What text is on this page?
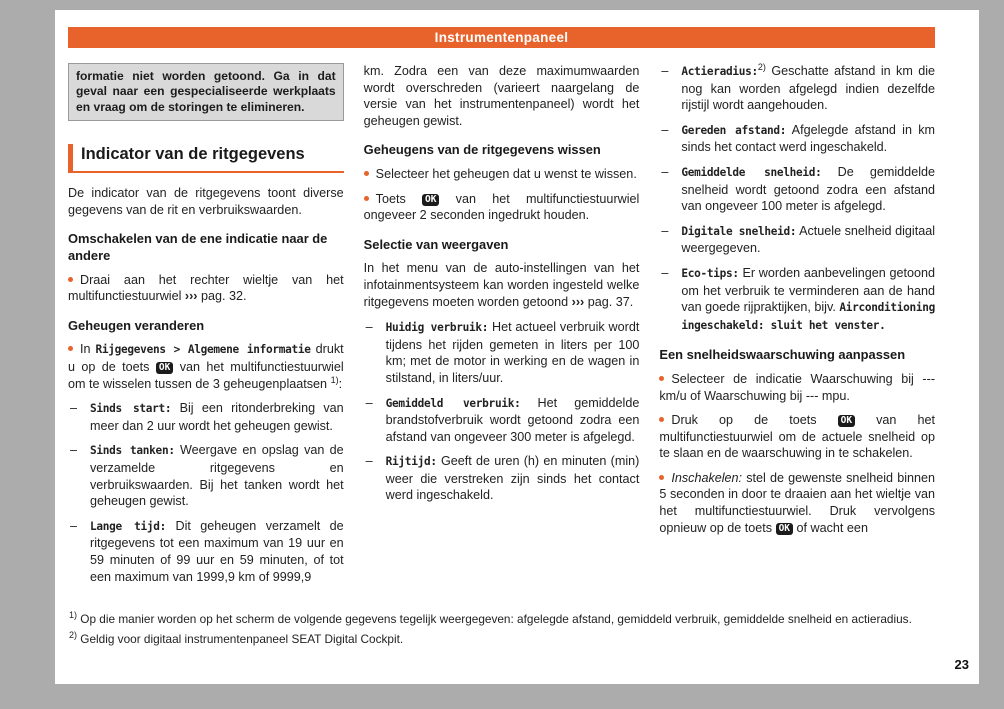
Instrumentenpaneel
formatie niet worden getoond. Ga in dat geval naar een gespecialiseerde werkplaats en vraag om de storingen te elimineren.
Indicator van de ritgegevens

De indicator van de ritgegevens toont diverse gegevens van de rit en verbruikswaarden.

Omschakelen van de ene indicatie naar de andere
Draai aan het rechter wieltje van het multifunctiestuurwiel ››› pag. 32.
Geheugen veranderen
In Rijgegevens > Algemene informatie drukt u op de toets OK van het multifunctiestuurwiel om te wisselen tussen de 3 geheugenplaatsen $^{1)}$:
– Sinds start: Bij een ritonderbreking van meer dan 2 uur wordt het geheugen gewist.
– Sinds tanken: Weergave en opslag van de verzamelde ritgegevens en verbruikswaarden. Bij het tanken wordt het geheugen gewist.
– Lange tijd: Dit geheugen verzamelt de ritgegevens tot een maximum van 19 uur en 59 minuten of 99 uur en 59 minuten, of tot een maximum van 1999,9 km of 9999,9

km. Zodra een van deze maximumwaarden wordt overschreden (varieert naargelang de versie van het instrumentenpaneel) wordt het geheugen gewist.

Geheugens van de ritgegevens wissen
Selecteer het geheugen dat u wenst te wissen.
Toets OK van het multifunctiestuurwiel ongeveer 2 seconden ingedrukt houden.
Selectie van weergaven

In het menu van de auto-instellingen van het infotainmentsysteem kan worden ingesteld welke ritgegevens moeten worden getoond ››› pag. 37.

– Huidig verbruik: Het actueel verbruik wordt tijdens het rijden gemeten in liters per 100 km; met de motor in werking en de wagen in stilstand, in liters/uur.
– Gemiddeld verbruik: Het gemiddelde brandstofverbruik wordt getoond zodra een afstand van ongeveer 300 meter is afgelegd.
– Rijtijd: Geeft de uren (h) en minuten (min) weer die verstreken zijn sinds het contact werd ingeschakeld.
– Actieradius:$^{2)}$ Geschatte afstand in km die nog kan worden afgelegd indien dezelfde rijstijl wordt aangehouden.
– Gereden afstand: Afgelegde afstand in km sinds het contact werd ingeschakeld.
– Gemiddelde snelheid: De gemiddelde snelheid wordt getoond zodra een afstand van ongeveer 100 meter is afgelegd.
– Digitale snelheid: Actuele snelheid digitaal weergegeven.
– Eco-tips: Er worden aanbevelingen getoond om het verbruik te verminderen aan de hand van goede rijpraktijken, bijv. Airconditioning ingeschakeld: sluit het venster.
Een snelheidswaarschuwing aanpassen
Selecteer de indicatie Waarschuwing bij --- km/u of Waarschuwing bij --- mpu.
Druk op de toets OK van het multifunctiestuurwiel om de actuele snelheid op te slaan en de waarschuwing in te schakelen.
Inschakelen: stel de gewenste snelheid binnen 5 seconden in door te draaien aan het wieltje van het multifunctiestuurwiel. Druk vervolgens opnieuw op de toets OK of wacht een
$^{1)}$ Op die manier worden op het scherm de volgende gegevens tegelijk weergegeven: afgelegde afstand, gemiddeld verbruik, gemiddelde snelheid en actieradius.
$^{2)}$ Geldig voor digitaal instrumentenpaneel SEAT Digital Cockpit.
23
